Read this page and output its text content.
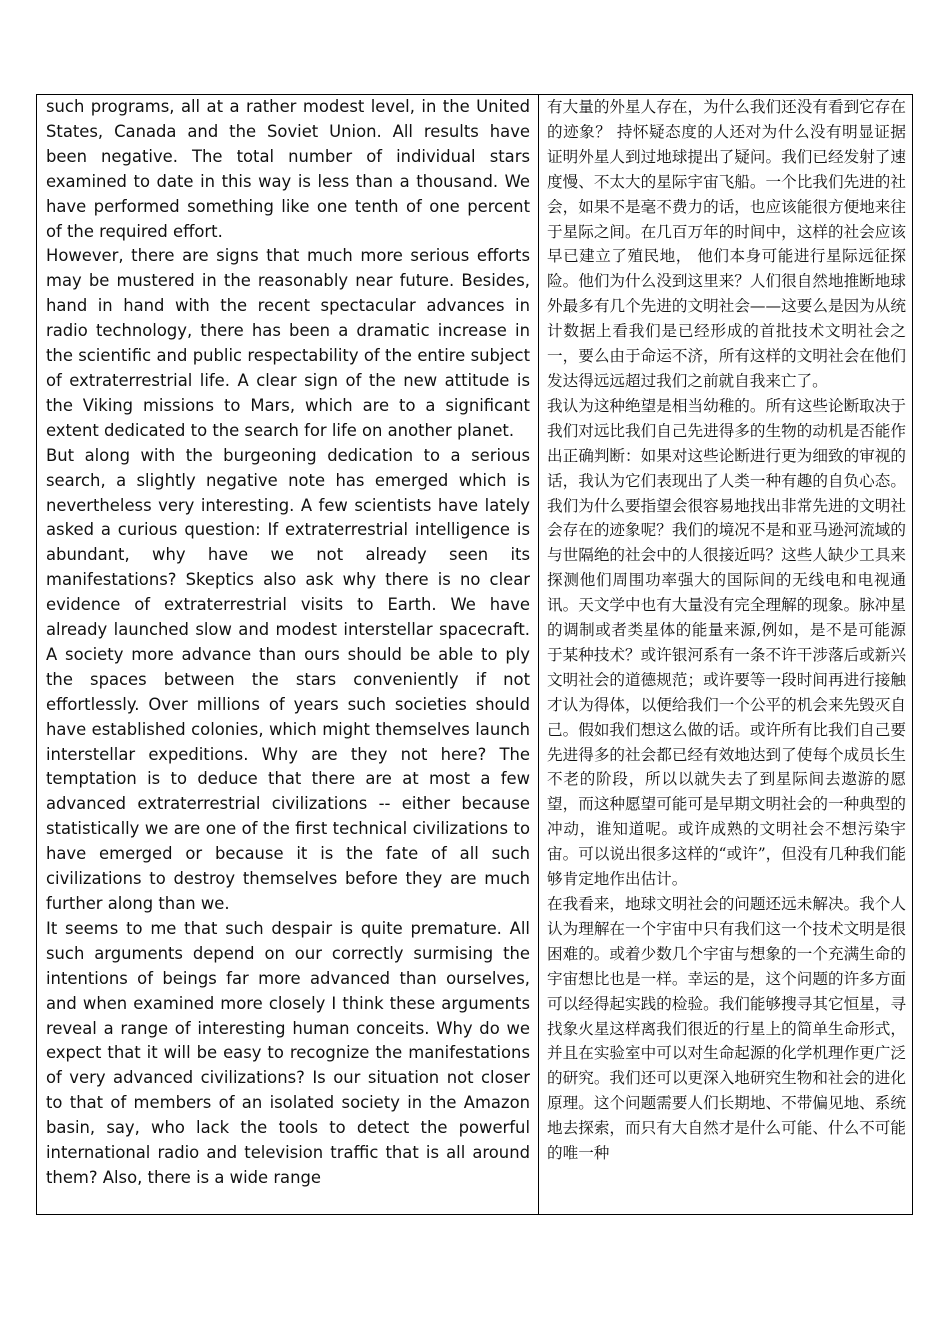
such programs, all at a rather modest level, in the United States, Canada and the Soviet Union. All results have been negative. The total number of individual stars examined to date in this way is less than a thousand. We have performed something like one tenth of one percent of the required effort.

However, there are signs that much more serious efforts may be mustered in the reasonably near future. Besides, hand in hand with the recent spectacular advances in radio technology, there has been a dramatic increase in the scientific and public respectability of the entire subject of extraterrestrial life. A clear sign of the new attitude is the Viking missions to Mars, which are to a significant extent dedicated to the search for life on another planet.

But along with the burgeoning dedication to a serious search, a slightly negative note has emerged which is nevertheless very interesting. A few scientists have lately asked a curious question: If extraterrestrial intelligence is abundant, why have we not already seen its manifestations? Skeptics also ask why there is no clear evidence of extraterrestrial visits to Earth. We have already launched slow and modest interstellar spacecraft. A society more advance than ours should be able to ply the spaces between the stars conveniently if not effortlessly. Over millions of years such societies should have established colonies, which might themselves launch interstellar expeditions. Why are they not here? The temptation is to deduce that there are at most a few advanced extraterrestrial civilizations -- either because statistically we are one of the first technical civilizations to have emerged or because it is the fate of all such civilizations to destroy themselves before they are much further along than we.

It seems to me that such despair is quite premature. All such arguments depend on our correctly surmising the intentions of beings far more advanced than ourselves, and when examined more closely I think these arguments reveal a range of interesting human conceits. Why do we expect that it will be easy to recognize the manifestations of very advanced civilizations? Is our situation not closer to that of members of an isolated society in the Amazon basin, say, who lack the tools to detect the powerful international radio and television traffic that is all around them? Also, there is a wide range

有大量的外星人存在，为什么我们还没有看到它存在的迹象？ 持怀疑态度的人还对为什么没有明显证据证明外星人到过地球提出了疑问。我们已经发射了速度慢、不太大的星际宇宙飞船。一个比我们先进的社会，如果不是毫不费力的话，也应该能很方便地来往于星际之间。在几百万年的时间中，这样的社会应该早已建立了殖民地， 他们本身可能进行星际远征探险。他们为什么没到这里来？人们很自然地推断地球外最多有几个先进的文明社会——这要么是因为从统计数据上看我们是已经形成的首批技术文明社会之一，要么由于命运不济，所有这样的文明社会在他们发达得远远超过我们之前就自我来亡了。

我认为这种绝望是相当幼稚的。所有这些论断取决于我们对远比我们自己先进得多的生物的动机是否能作出正确判断：如果对这些论断进行更为细致的审视的话，我认为它们表现出了人类一种有趣的自负心态。我们为什么要指望会很容易地找出非常先进的文明社会存在的迹象呢？我们的境况不是和亚马逊河流域的与世隔绝的社会中的人很接近吗？这些人缺少工具来探测他们周围功率强大的国际间的无线电和电视通讯。天文学中也有大量没有完全理解的现象。脉冲星的调制或者类星体的能量来源,例如，是不是可能源于某种技术？或许银河系有一条不许干涉落后或新兴文明社会的道德规范；或许要等一段时间再进行接触才认为得体，以便给我们一个公平的机会来先毁灭自己。假如我们想这么做的话。或许所有比我们自己要先进得多的社会都已经有效地达到了使每个成员长生不老的阶段，所以以就失去了到星际间去遨游的愿望，而这种愿望可能可是早期文明社会的一种典型的冲动，谁知道呢。或许成熟的文明社会不想污染宇宙。可以说出很多这样的“或许”，但没有几种我们能够肯定地作出估计。

在我看来，地球文明社会的问题还远未解决。我个人认为理解在一个宇宙中只有我们这一个技术文明是很困难的。或着少数几个宇宙与想象的一个充满生命的宇宙想比也是一样。幸运的是，这个问题的许多方面可以经得起实践的检验。我们能够搜寻其它恒星，寻找象火星这样离我们很近的行星上的简单生命形式，并且在实验室中可以对生命起源的化学机理作更广泛的研究。我们还可以更深入地研究生物和社会的进化原理。这个问题需要人们长期地、不带偏见地、系统地去探索，而只有大自然才是什么可能、什么不可能的唯一种
